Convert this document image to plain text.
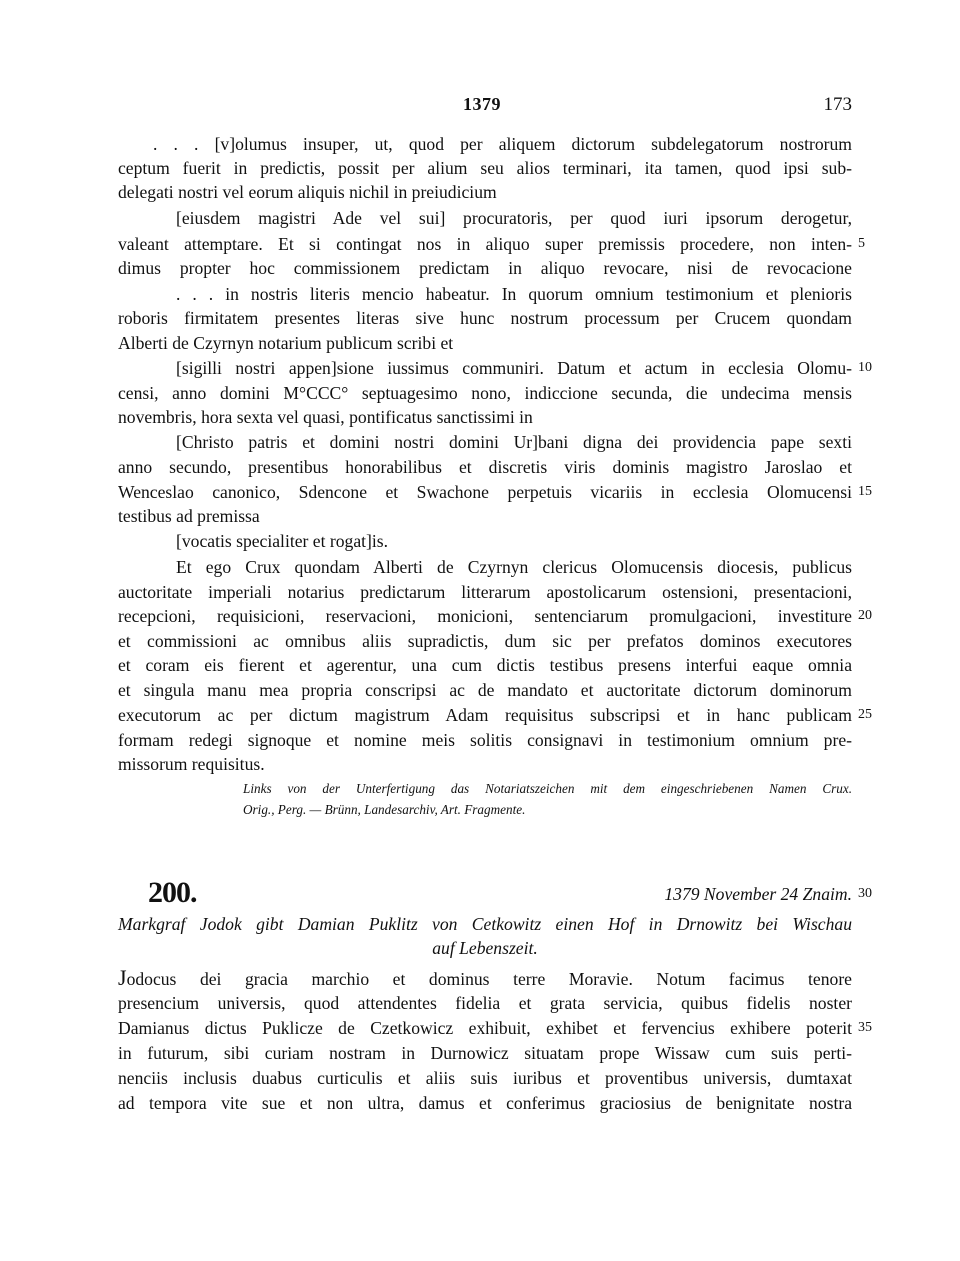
1379	173
. . . [v]olumus insuper, ut, quod per aliquem dictorum subdelegatorum nostrorum
ceptum fuerit in predictis, possit per alium seu alios terminari, ita tamen, quod ipsi sub-
delegati nostri vel eorum aliquis nichil in preiudicium
[eiusdem magistri Ade vel sui] procuratoris, per quod iuri ipsorum derogetur,
valeant attemptare. Et si contingat nos in aliquo super premissis procedere, non inten- 5
dimus propter hoc commissionem predictam in aliquo revocare, nisi de revocacione
. . . in nostris literis mencio habeatur. In quorum omnium testimonium et plenioris
roboris firmitatem presentes literas sive hunc nostrum processum per Crucem quondam
Alberti de Czyrnyn notarium publicum scribi et
[sigilli nostri appen]sione iussimus communiri. Datum et actum in ecclesia Olomu- 10
censi, anno domini M°CCC° septuagesimo nono, indiccione secunda, die undecima mensis
novembris, hora sexta vel quasi, pontificatus sanctissimi in
[Christo patris et domini nostri domini Ur]bani digna dei providencia pape sexti
anno secundo, presentibus honorabilibus et discretis viris dominis magistro Jaroslao et
Wenceslao canonico, Sdencone et Swachone perpetuis vicariis in ecclesia Olomucensi 15
testibus ad premissa
[vocatis specialiter et rogat]is.
Et ego Crux quondam Alberti de Czyrnyn clericus Olomucensis diocesis, publicus
auctoritate imperiali notarius predictarum litterarum apostolicarum ostensioni, presentacioni,
recepcioni, requisicioni, reservacioni, monicioni, sentenciarum promulgacioni, investiture 20
et commissioni ac omnibus aliis supradictis, dum sic per prefatos dominos executores
et coram eis fierent et agerentur, una cum dictis testibus presens interfui eaque omnia
et singula manu mea propria conscripsi ac de mandato et auctoritate dictorum dominorum
executorum ac per dictum magistrum Adam requisitus subscripsi et in hanc publicam 25
formam redegi signoque et nomine meis solitis consignavi in testimonium omnium pre-
missorum requisitus.
Links von der Unterfertigung das Notariatszeichen mit dem eingeschriebenen Namen Crux.
Orig., Perg. — Brünn, Landesarchiv, Art. Fragmente.
200.	1379 November 24 Znaim. 30
Markgraf Jodok gibt Damian Puklitz von Cetkowitz einen Hof in Drnowitz bei Wischau
auf Lebenszeit.
Jodocus dei gracia marchio et dominus terre Moravie. Notum facimus tenore
presencium universis, quod attendentes fidelia et grata servicia, quibus fidelis noster
Damianus dictus Puklicze de Czetkowicz exhibuit, exhibet et fervencius exhibere poterit 35
in futurum, sibi curiam nostram in Durnowicz situatam prope Wissaw cum suis perti-
nenciis inclusis duabus curticulis et aliis suis iuribus et proventibus universis, dumtaxat
ad tempora vite sue et non ultra, damus et conferimus graciosius de benignitate nostra
